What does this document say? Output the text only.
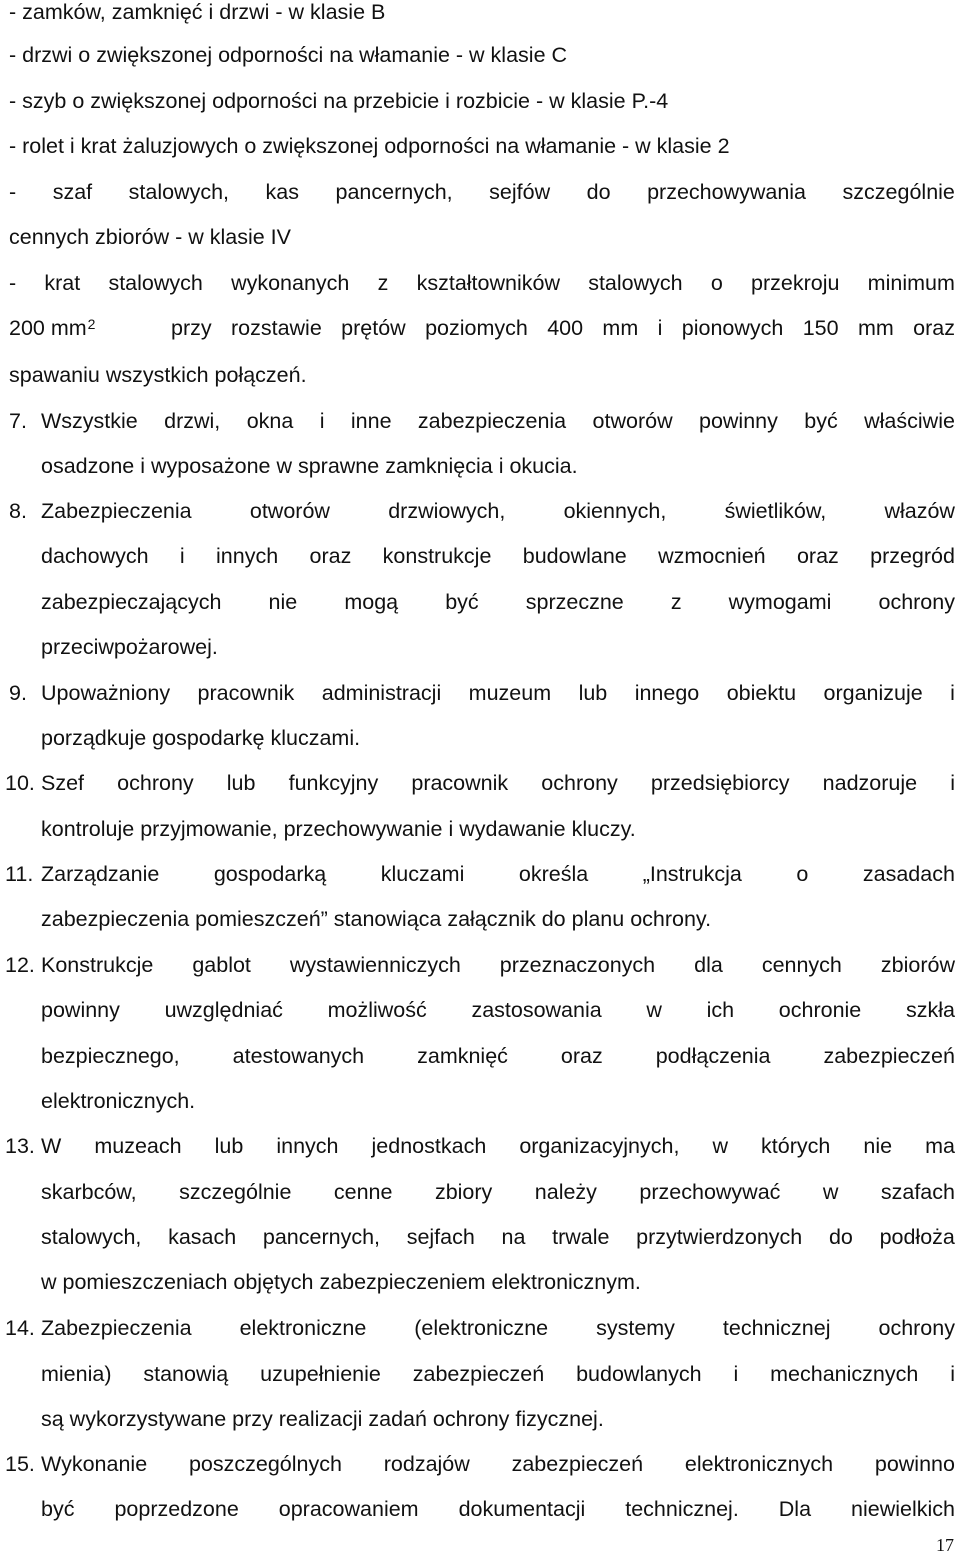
- zamków, zamknięć i drzwi - w klasie B
- drzwi o zwiększonej odporności na włamanie - w klasie C
- szyb o zwiększonej odporności na przebicie i rozbicie - w klasie P.-4
- rolet i krat żaluzjowych o zwiększonej odporności na włamanie - w klasie 2
- szaf stalowych, kas pancernych, sejfów do przechowywania szczególnie
cennych zbiorów - w klasie IV
- krat stalowych wykonanych z kształtowników stalowych o przekroju minimum
200 $mm^2$	przy rozstawie prętów poziomych 400 mm i pionowych 150 mm oraz
spawaniu wszystkich połączeń.
7. Wszystkie drzwi, okna i inne zabezpieczenia otworów powinny być właściwie
osadzone i wyposażone w sprawne zamknięcia i okucia.
8. Zabezpieczenia	otworów	drzwiowych,	okiennych,	świetlików,	włazów
dachowych i innych oraz konstrukcje budowlane wzmocnień oraz przegród
zabezpieczających nie mogą być sprzeczne z wymogami ochrony
przeciwpożarowej.
9. Upoważniony pracownik administracji muzeum lub innego obiektu organizuje i
porządkuje gospodarkę kluczami.
10. Szef ochrony lub funkcyjny pracownik ochrony przedsiębiorcy nadzoruje i
kontroluje przyjmowanie, przechowywanie i wydawanie kluczy.
11. Zarządzanie	gospodarką	kluczami	określa	„Instrukcja	o	zasadach
zabezpieczenia pomieszczeń” stanowiąca załącznik do planu ochrony.
12. Konstrukcje gablot wystawienniczych przeznaczonych dla cennych zbiorów
powinny uwzględniać możliwość zastosowania w ich ochronie szkła
bezpiecznego, atestowanych zamknięć oraz podłączenia zabezpieczeń
elektronicznych.
13. W muzeach lub innych jednostkach organizacyjnych, w których nie ma
skarbców, szczególnie cenne zbiory należy przechowywać w szafach
stalowych, kasach pancernych, sejfach na trwale przytwierdzonych do podłoża
w pomieszczeniach objętych zabezpieczeniem elektronicznym.
14. Zabezpieczenia elektroniczne (elektroniczne systemy technicznej ochrony
mienia) stanowią uzupełnienie zabezpieczeń budowlanych i mechanicznych i
są wykorzystywane przy realizacji zadań ochrony fizycznej.
15. Wykonanie poszczególnych rodzajów zabezpieczeń elektronicznych powinno
być poprzedzone opracowaniem dokumentacji technicznej. Dla niewielkich
17
